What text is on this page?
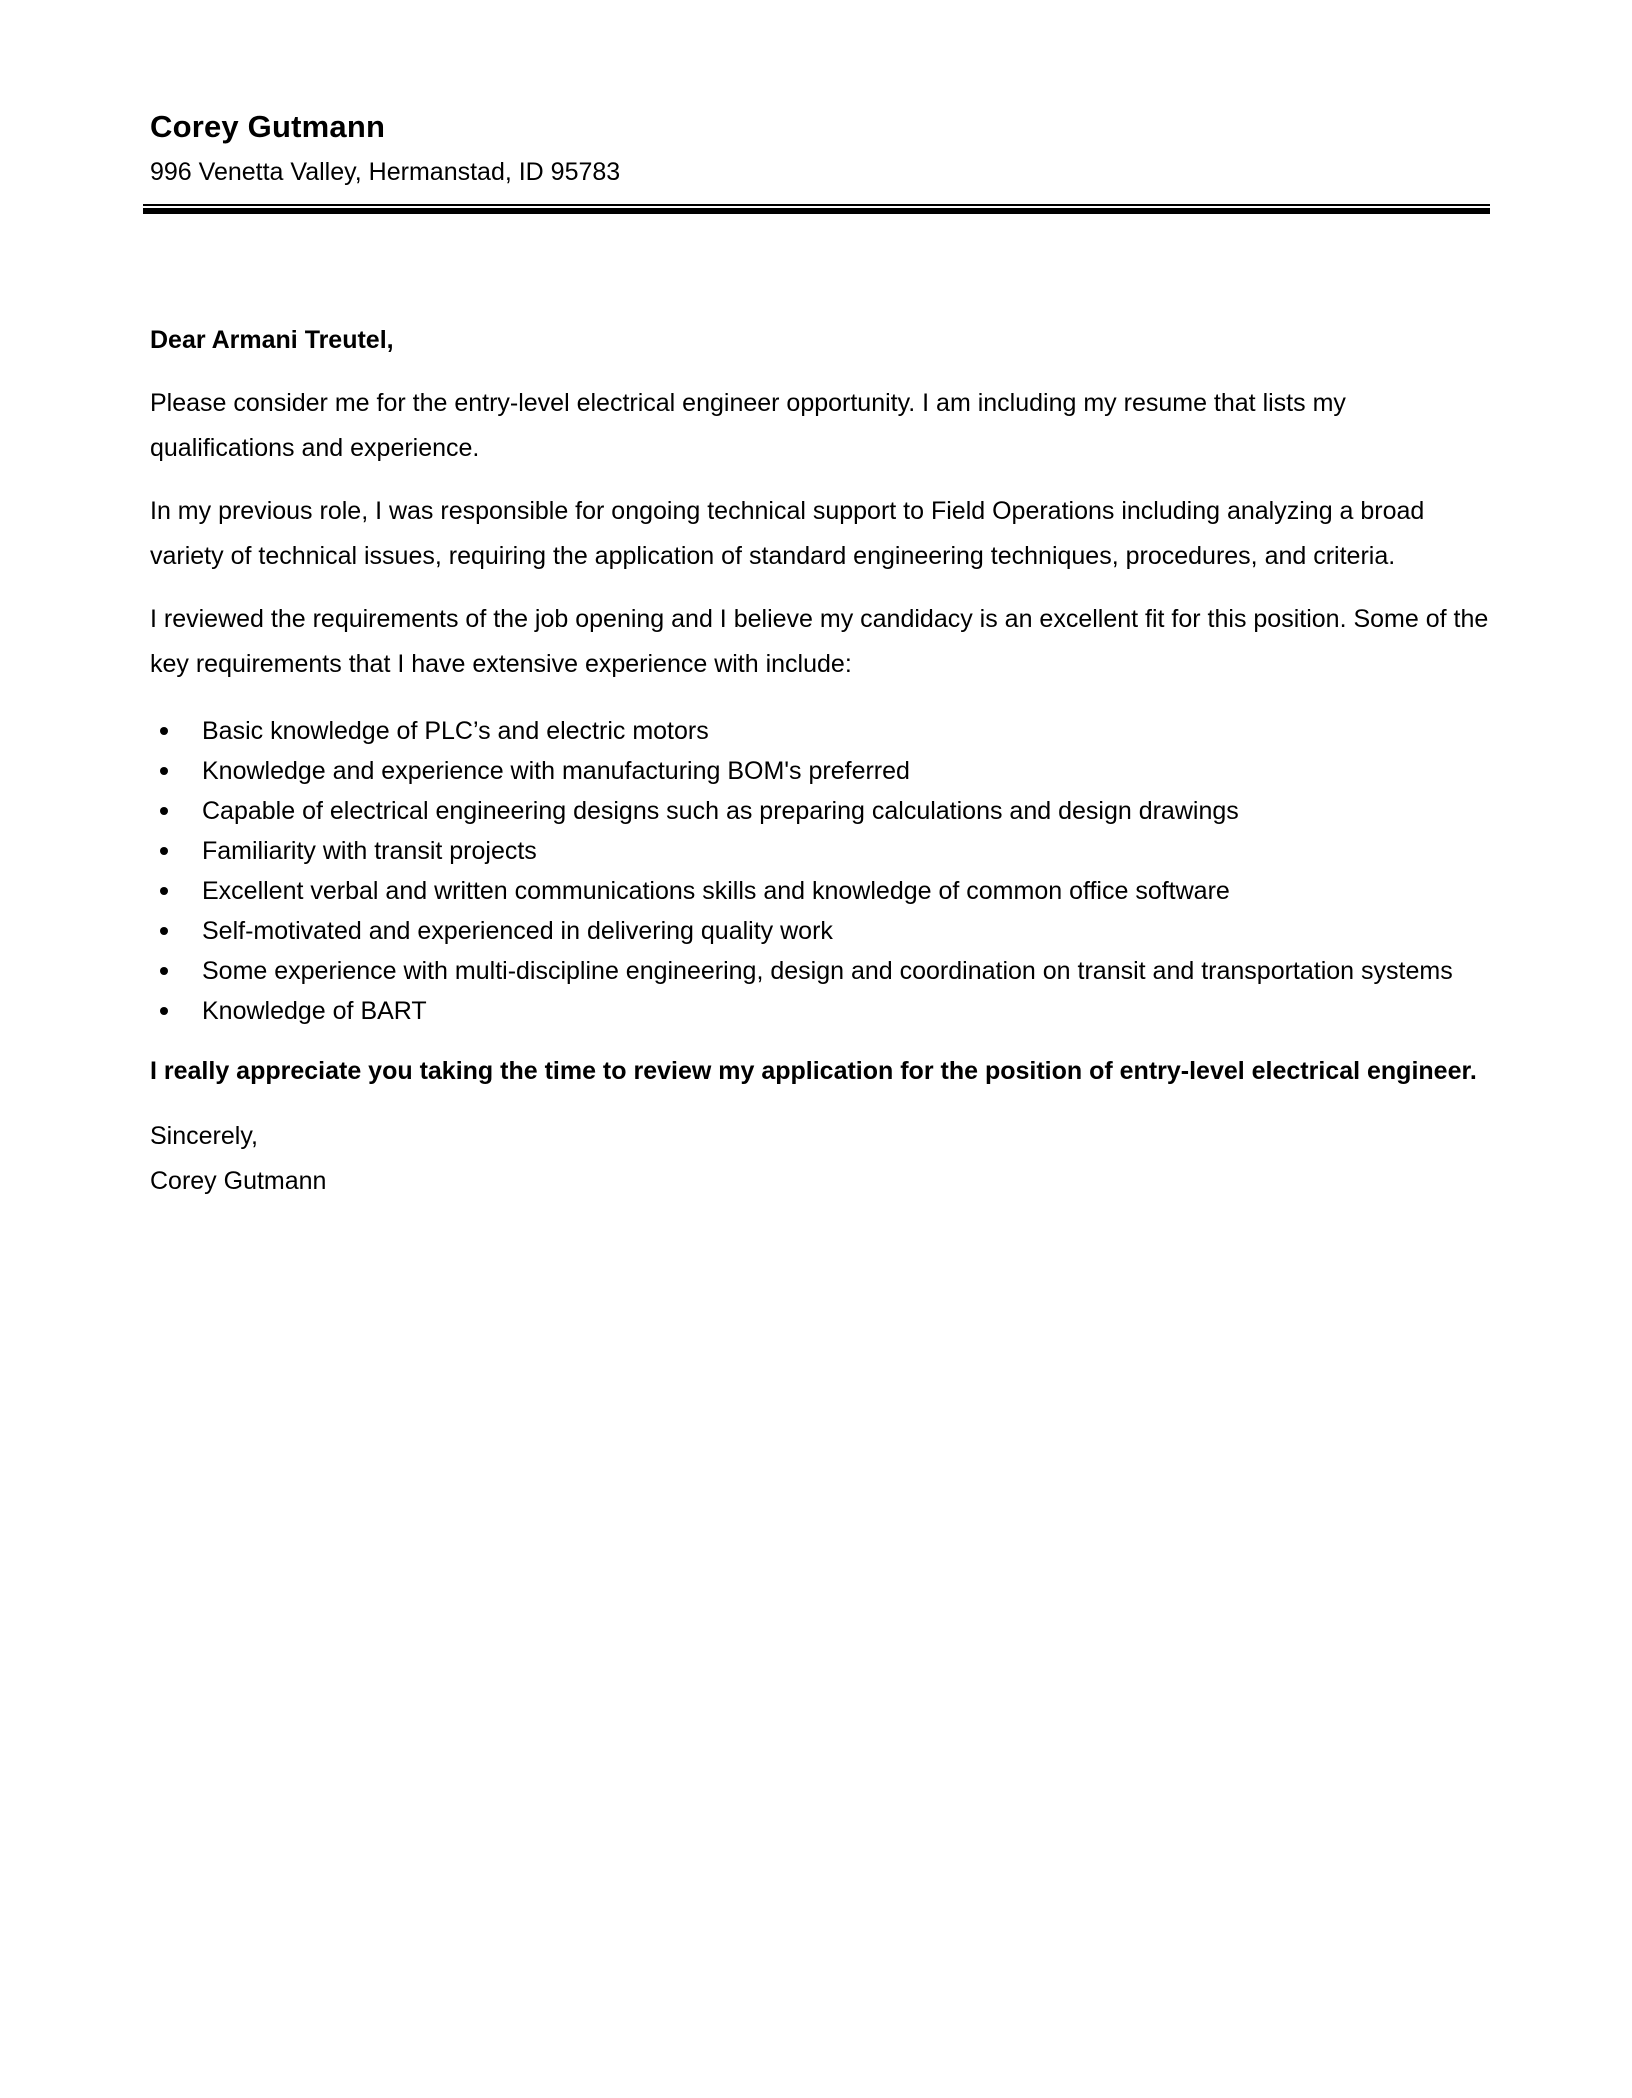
Corey Gutmann
996 Venetta Valley, Hermanstad, ID 95783
Dear Armani Treutel,

Please consider me for the entry-level electrical engineer opportunity. I am including my resume that lists my qualifications and experience.

In my previous role, I was responsible for ongoing technical support to Field Operations including analyzing a broad variety of technical issues, requiring the application of standard engineering techniques, procedures, and criteria.

I reviewed the requirements of the job opening and I believe my candidacy is an excellent fit for this position. Some of the key requirements that I have extensive experience with include:

Basic knowledge of PLC’s and electric motors
Knowledge and experience with manufacturing BOM's preferred
Capable of electrical engineering designs such as preparing calculations and design drawings
Familiarity with transit projects
Excellent verbal and written communications skills and knowledge of common office software
Self-motivated and experienced in delivering quality work
Some experience with multi-discipline engineering, design and coordination on transit and transportation systems
Knowledge of BART

I really appreciate you taking the time to review my application for the position of entry-level electrical engineer.

Sincerely,
Corey Gutmann
